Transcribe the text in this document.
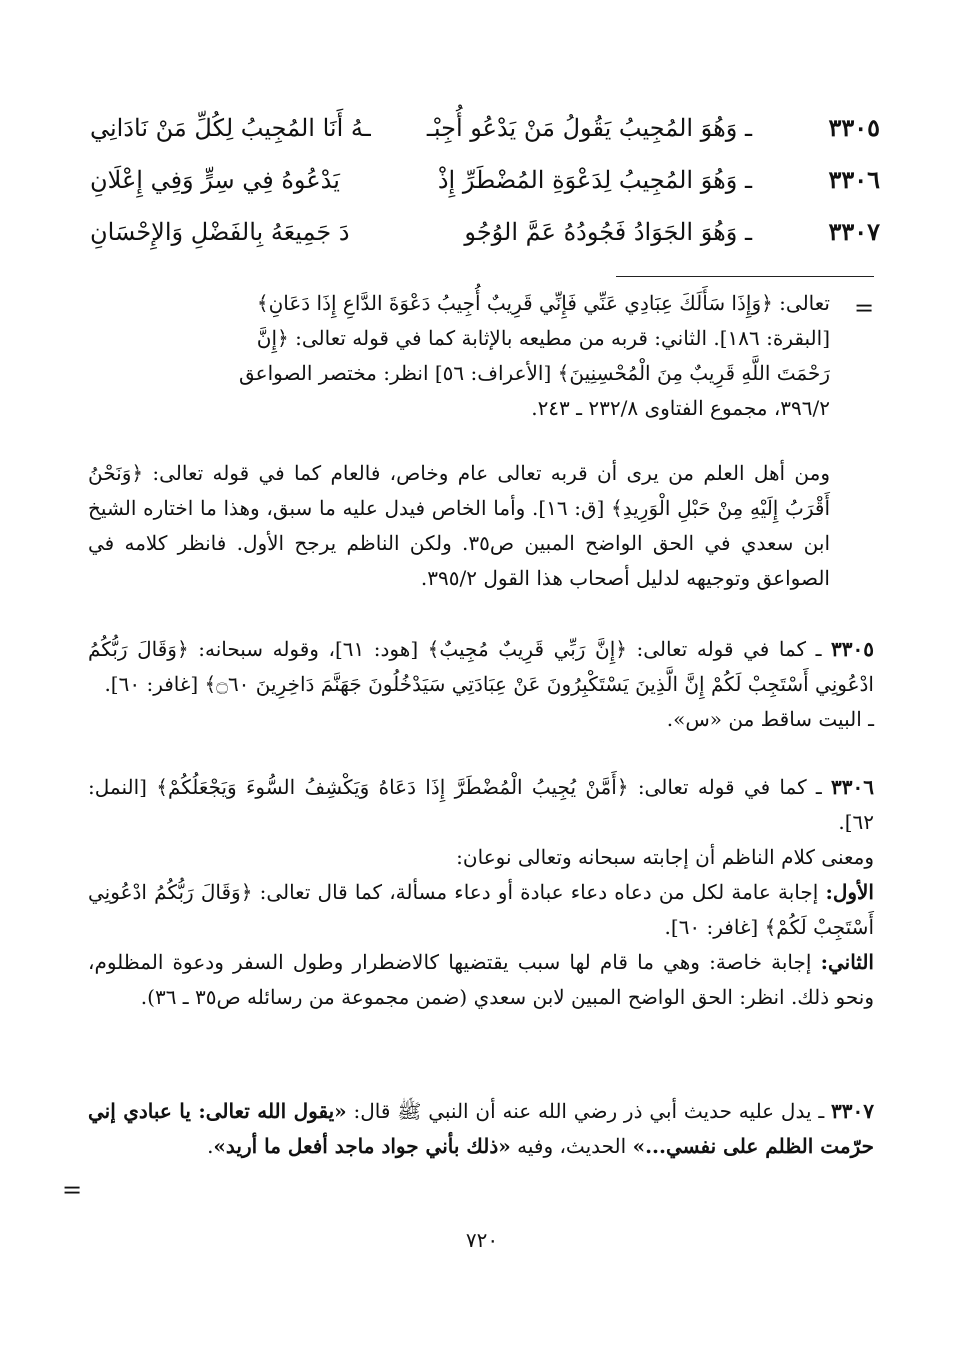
٣٣٠٥
ـ وَهُوَ المُجِيبُ يَقُولُ مَنْ يَدْعُو أُجِبْـ
ـهُ أَنَا المُجِيبُ لِكُلِّ مَنْ نَادَانِي
٣٣٠٦
ـ وَهُوَ المُجِيبُ لِدَعْوَةِ المُضْطَرِّ إِذْ
يَدْعُوهُ فِي سِرٍّ وَفِي إِعْلَانِ
٣٣٠٧
ـ وَهُوَ الجَوَادُ فَجُودُهُ عَمَّ الوُجُو
دَ جَمِيعَهُ بِالفَضْلِ وَالإِحْسَانِ
=

تعالى: ﴿وَإِذَا سَأَلَكَ عِبَادِي عَنِّي فَإِنِّي قَرِيبٌ أُجِيبُ دَعْوَةَ الدَّاعِ إِذَا دَعَانِ﴾

[البقرة: ١٨٦]. الثاني: قربه من مطيعه بالإثابة كما في قوله تعالى: ﴿إِنَّ

رَحْمَتَ اللَّهِ قَرِيبٌ مِنَ الْمُحْسِنِينَ﴾ [الأعراف: ٥٦] انظر: مختصر الصواعق

٣٩٦/٢، مجموع الفتاوى ٢٣٢/٨ ـ ٢٤٣.

ومن أهل العلم من يرى أن قربه تعالى عام وخاص، فالعام كما في قوله تعالى: ﴿وَنَحْنُ أَقْرَبُ إِلَيْهِ مِنْ حَبْلِ الْوَرِيدِ﴾ [ق: ١٦]. وأما الخاص فيدل عليه ما سبق، وهذا ما اختاره الشيخ ابن سعدي في الحق الواضح المبين ص٣٥. ولكن الناظم يرجح الأول. فانظر كلامه في الصواعق وتوجيهه لدليل أصحاب هذا القول ٣٩٥/٢.

٣٣٠٥ ـ كما في قوله تعالى: ﴿إِنَّ رَبِّي قَرِيبٌ مُجِيبٌ﴾ [هود: ٦١]، وقوله سبحانه: ﴿وَقَالَ رَبُّكُمُ ادْعُونِي أَسْتَجِبْ لَكُمْ إِنَّ الَّذِينَ يَسْتَكْبِرُونَ عَنْ عِبَادَتِي سَيَدْخُلُونَ جَهَنَّمَ دَاخِرِينَ ۝٦٠﴾ [غافر: ٦٠].

ـ البيت ساقط من «س».

٣٣٠٦ ـ كما في قوله تعالى: ﴿أَمَّنْ يُجِيبُ الْمُضْطَرَّ إِذَا دَعَاهُ وَيَكْشِفُ السُّوءَ وَيَجْعَلُكُمْ﴾ [النمل: ٦٢].

ومعنى كلام الناظم أن إجابته سبحانه وتعالى نوعان:

الأول: إجابة عامة لكل من دعاه دعاء عبادة أو دعاء مسألة، كما قال تعالى: ﴿وَقَالَ رَبُّكُمُ ادْعُونِي أَسْتَجِبْ لَكُمْ﴾ [غافر: ٦٠].

الثاني: إجابة خاصة: وهي ما قام لها سبب يقتضيها كالاضطرار وطول السفر ودعوة المظلوم، ونحو ذلك. انظر: الحق الواضح المبين لابن سعدي (ضمن مجموعة من رسائله ص٣٥ ـ ٣٦).

٣٣٠٧ ـ يدل عليه حديث أبي ذر رضي الله عنه أن النبي ﷺ قال: «يقول الله تعالى: يا عبادي إني حرّمت الظلم على نفسي...» الحديث، وفيه «ذلك بأني جواد ماجد أفعل ما أريد».

=
٧٢٠
